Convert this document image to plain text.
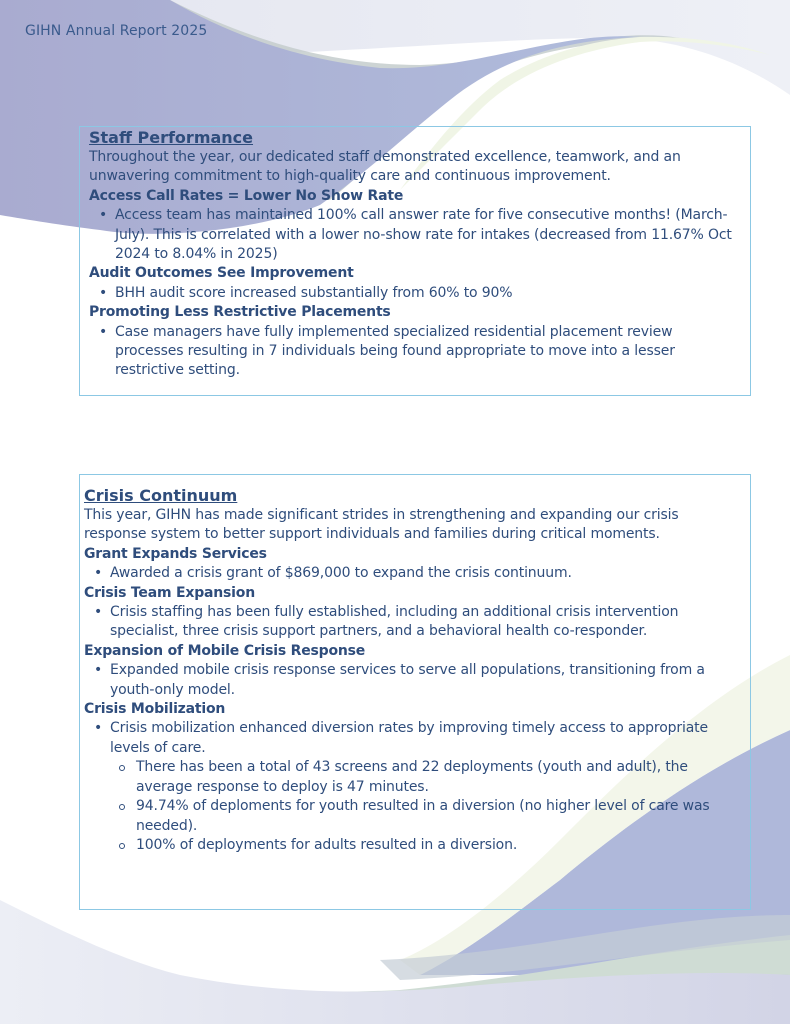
GIHN Annual Report 2025
Staff Performance

Throughout the year, our dedicated staff demonstrated excellence, teamwork, and an unwavering commitment to high-quality care and continuous improvement.

Access Call Rates = Lower No Show Rate
• Access team has maintained 100% call answer rate for five consecutive months! (March- July). This is correlated with a lower no-show rate for intakes (decreased from 11.67% Oct 2024 to 8.04% in 2025)
Audit Outcomes See Improvement
• BHH audit score increased substantially from 60% to 90%
Promoting Less Restrictive Placements
• Case managers have fully implemented specialized residential placement review processes resulting in 7 individuals being found appropriate to move into a lesser restrictive setting.
Crisis Continuum

This year, GIHN has made significant strides in strengthening and expanding our crisis response system to better support individuals and families during critical moments.

Grant Expands Services
• Awarded a crisis grant of $869,000 to expand the crisis continuum.
Crisis Team Expansion
• Crisis staffing has been fully established, including an additional crisis intervention specialist, three crisis support partners, and a behavioral health co-responder.
Expansion of Mobile Crisis Response
• Expanded mobile crisis response services to serve all populations, transitioning from a youth-only model.
Crisis Mobilization
• Crisis mobilization enhanced diversion rates by improving timely access to appropriate levels of care.
There has been a total of 43 screens and 22 deployments (youth and adult), the average response to deploy is 47 minutes.
94.74% of deploments for youth resulted in a diversion (no higher level of care was needed).
100% of deployments for adults resulted in a diversion.
